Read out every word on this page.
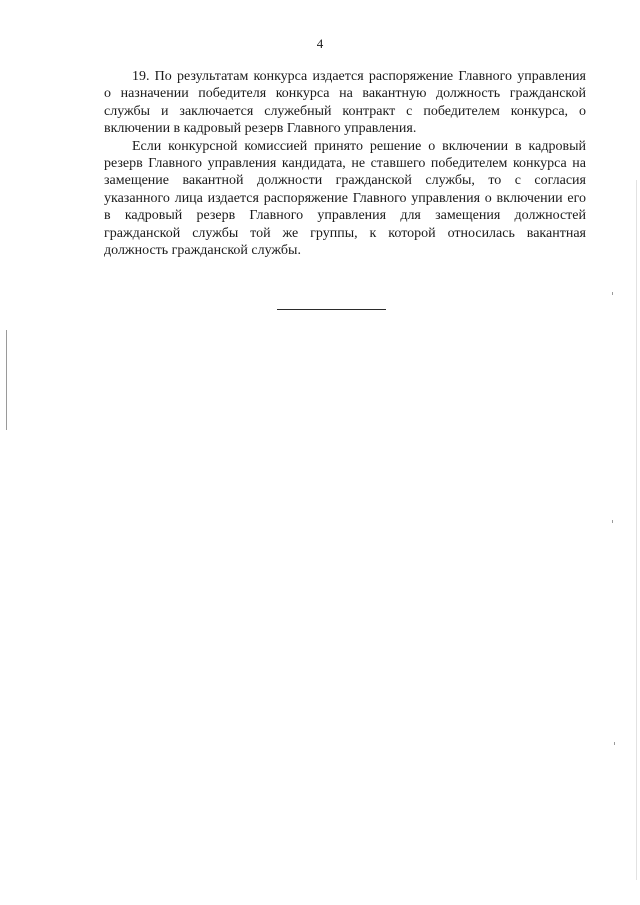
4

19. По результатам конкурса издается распоряжение Главного управления
о назначении победителя конкурса на вакантную должность гражданской
службы и заключается служебный контракт с победителем конкурса, о
включении в кадровый резерв Главного управления.

Если конкурсной комиссией принято решение о включении в кадровый
резерв Главного управления кандидата, не ставшего победителем конкурса на
замещение вакантной должности гражданской службы, то с согласия
указанного лица издается распоряжение Главного управления о включении его
в кадровый резерв Главного управления для замещения должностей
гражданской службы той же группы, к которой относилась вакантная
должность гражданской службы.
